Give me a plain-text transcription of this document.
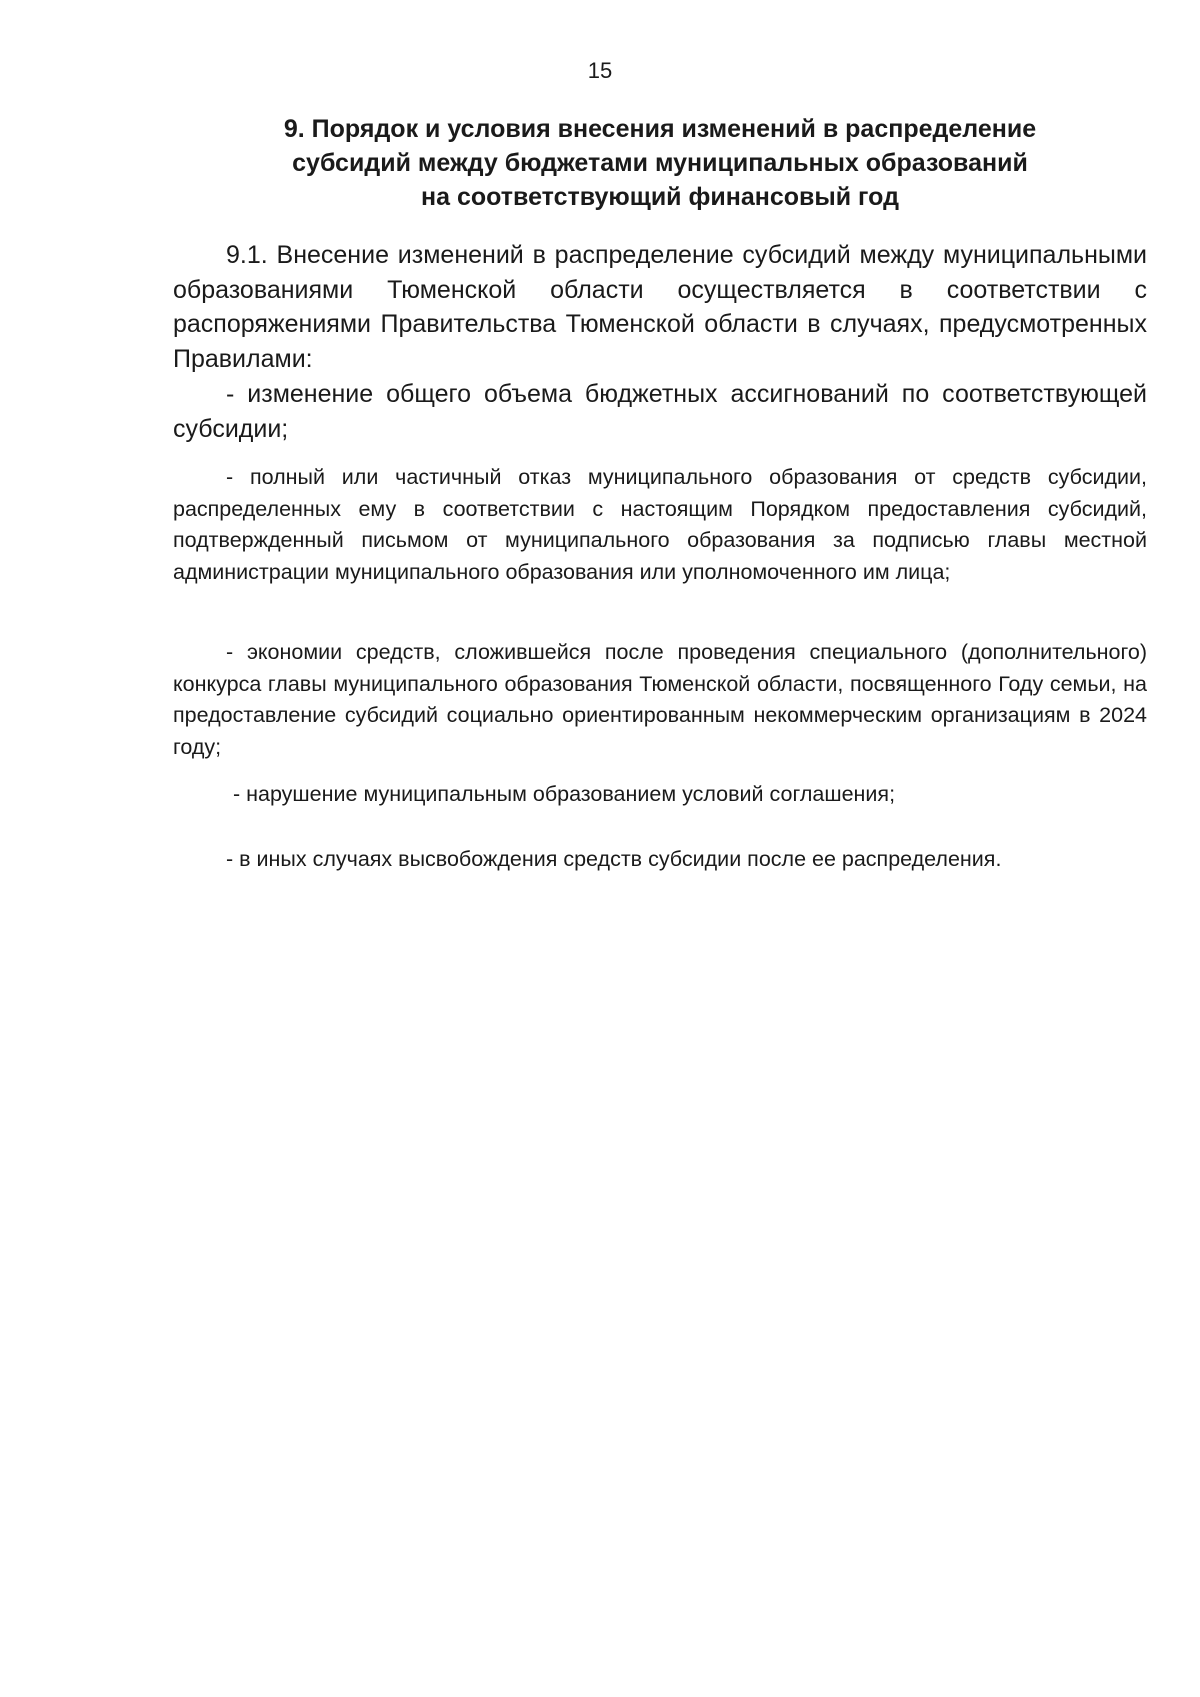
15
9. Порядок и условия внесения изменений в распределение
субсидий между бюджетами муниципальных образований
на соответствующий финансовый год

9.1. Внесение изменений в распределение субсидий между муниципальными образованиями Тюменской области осуществляется в соответствии с распоряжениями Правительства Тюменской области в случаях, предусмотренных Правилами:

- изменение общего объема бюджетных ассигнований по соответствующей субсидии;

- полный или частичный отказ муниципального образования от средств субсидии, распределенных ему в соответствии с настоящим Порядком предоставления субсидий, подтвержденный письмом от муниципального образования за подписью главы местной администрации муниципального образования или уполномоченного им лица;

- экономии средств, сложившейся после проведения специального (дополнительного) конкурса главы муниципального образования Тюменской области, посвященного Году семьи, на предоставление субсидий социально ориентированным некоммерческим организациям в 2024 году;

- нарушение муниципальным образованием условий соглашения;

- в иных случаях высвобождения средств субсидии после ее распределения.
